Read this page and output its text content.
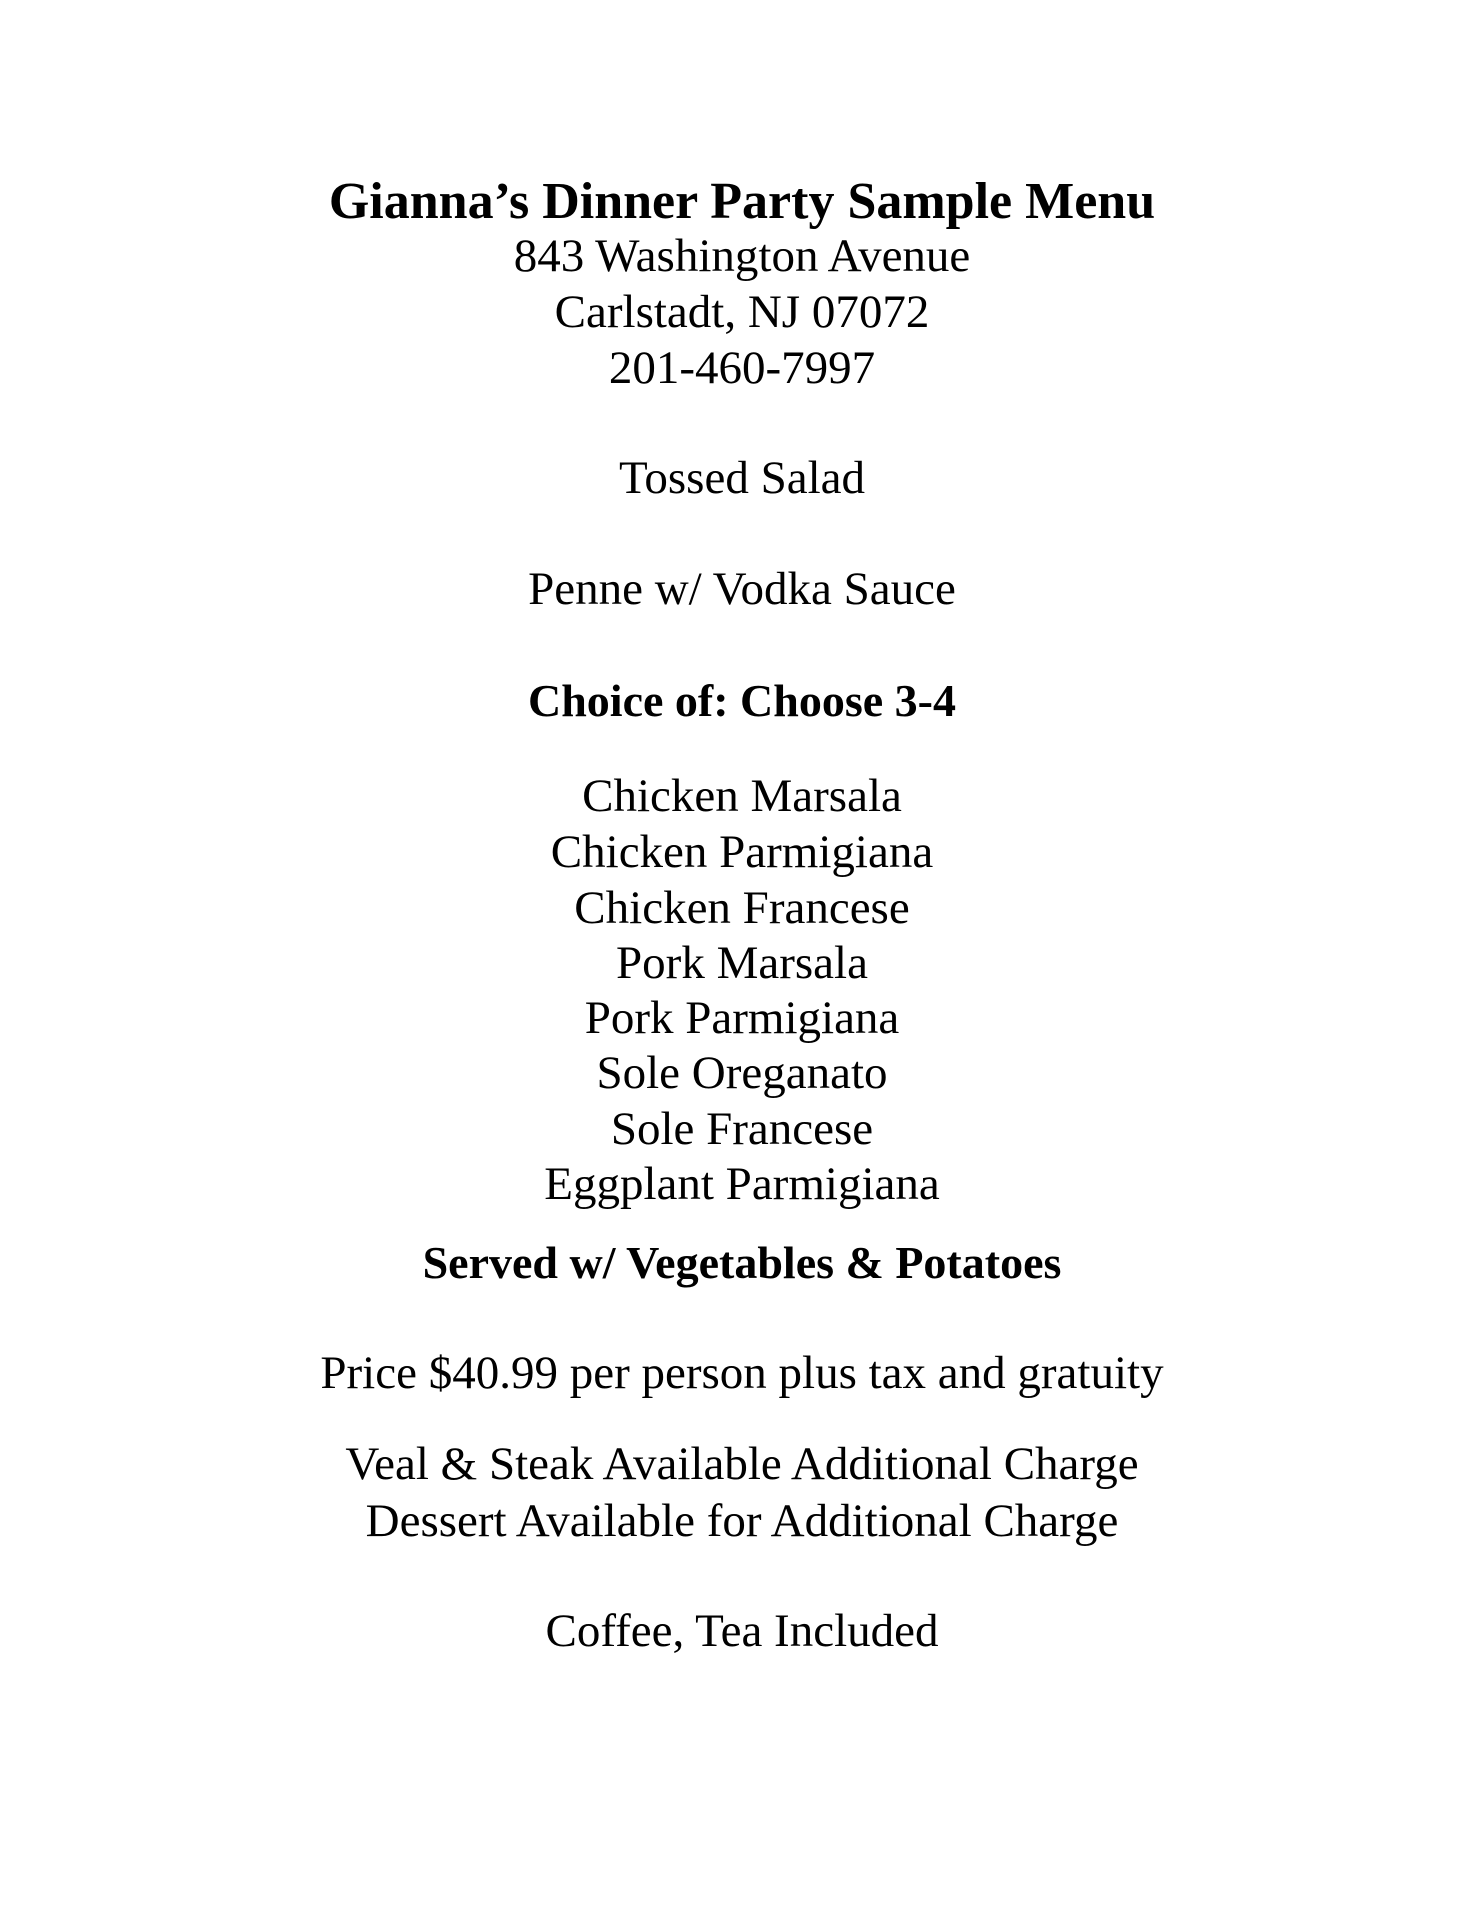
Gianna’s Dinner Party Sample Menu
843 Washington Avenue
Carlstadt, NJ 07072
201-460-7997
Tossed Salad
Penne w/ Vodka Sauce
Choice of: Choose 3-4
Chicken Marsala
Chicken Parmigiana
Chicken Francese
Pork Marsala
Pork Parmigiana
Sole Oreganato
Sole Francese
Eggplant Parmigiana
Served w/ Vegetables & Potatoes
Price $40.99 per person plus tax and gratuity
Veal & Steak Available Additional Charge
Dessert Available for Additional Charge
Coffee, Tea Included
